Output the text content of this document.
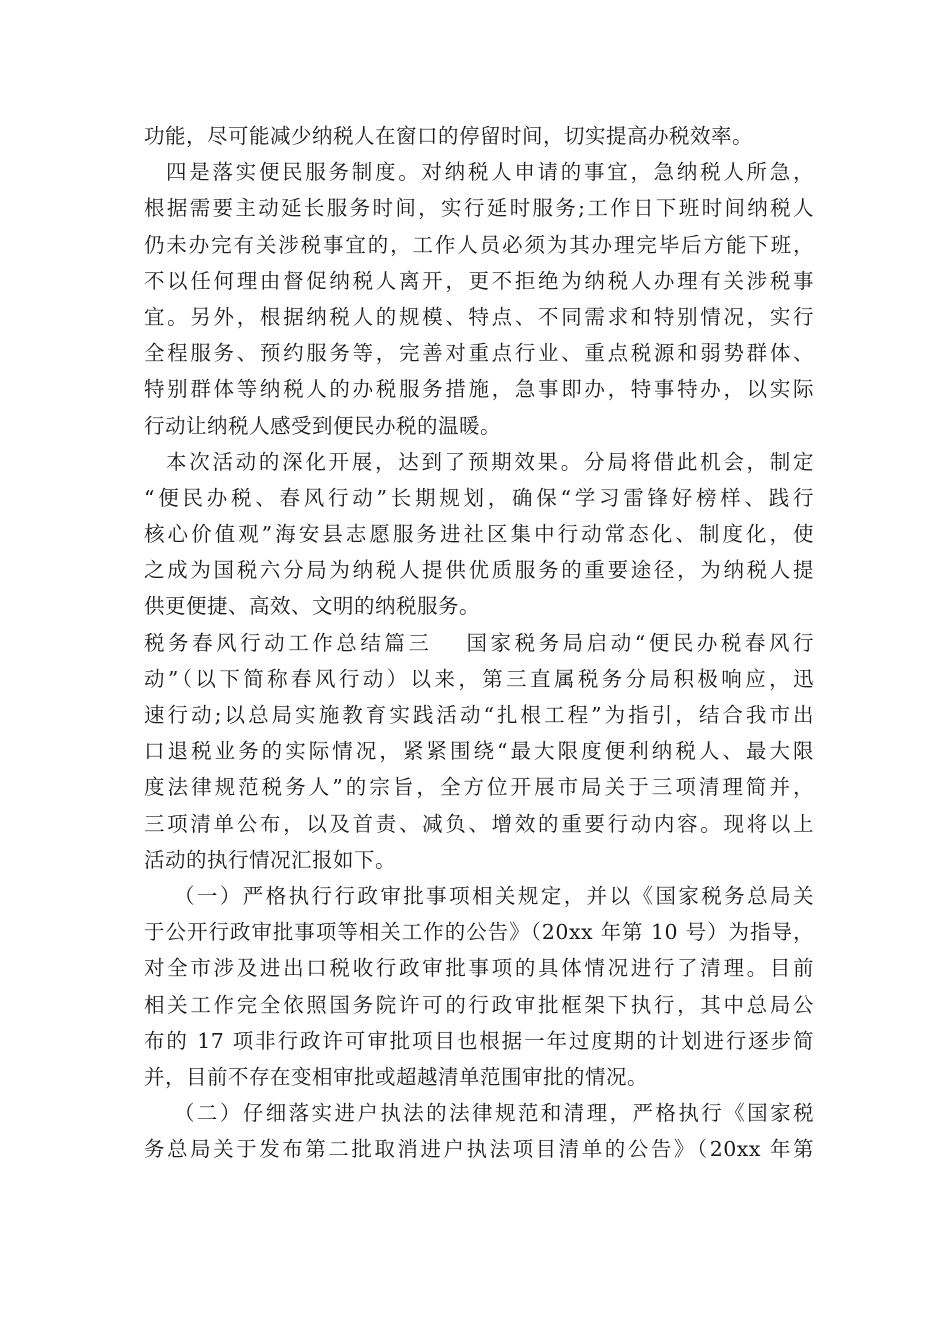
功能，尽可能减少纳税人在窗口的停留时间，切实提高办税效率。
四是落实便民服务制度。对纳税人申请的事宜，急纳税人所急，
根据需要主动延长服务时间，实行延时服务;工作日下班时间纳税人
仍未办完有关涉税事宜的，工作人员必须为其办理完毕后方能下班，
不以任何理由督促纳税人离开，更不拒绝为纳税人办理有关涉税事
宜。另外，根据纳税人的规模、特点、不同需求和特别情况，实行
全程服务、预约服务等，完善对重点行业、重点税源和弱势群体、
特别群体等纳税人的办税服务措施，急事即办，特事特办，以实际
行动让纳税人感受到便民办税的温暖。
本次活动的深化开展，达到了预期效果。分局将借此机会，制定
“便民办税、春风行动”长期规划，确保“学习雷锋好榜样、践行
核心价值观”海安县志愿服务进社区集中行动常态化、制度化，使
之成为国税六分局为纳税人提供优质服务的重要途径，为纳税人提
供更便捷、高效、文明的纳税服务。
税务春风行动工作总结篇三　 国家税务局启动“便民办税春风行
动”（以下简称春风行动）以来，第三直属税务分局积极响应，迅
速行动;以总局实施教育实践活动“扎根工程”为指引，结合我市出
口退税业务的实际情况，紧紧围绕“最大限度便利纳税人、最大限
度法律规范税务人”的宗旨，全方位开展市局关于三项清理简并，
三项清单公布，以及首责、减负、增效的重要行动内容。现将以上
活动的执行情况汇报如下。
（一）严格执行行政审批事项相关规定，并以《国家税务总局关
于公开行政审批事项等相关工作的公告》（20xx 年第 10 号）为指导，
对全市涉及进出口税收行政审批事项的具体情况进行了清理。目前
相关工作完全依照国务院许可的行政审批框架下执行，其中总局公
布的 17 项非行政许可审批项目也根据一年过度期的计划进行逐步简
并，目前不存在变相审批或超越清单范围审批的情况。
（二）仔细落实进户执法的法律规范和清理，严格执行《国家税
务总局关于发布第二批取消进户执法项目清单的公告》（20xx 年第
